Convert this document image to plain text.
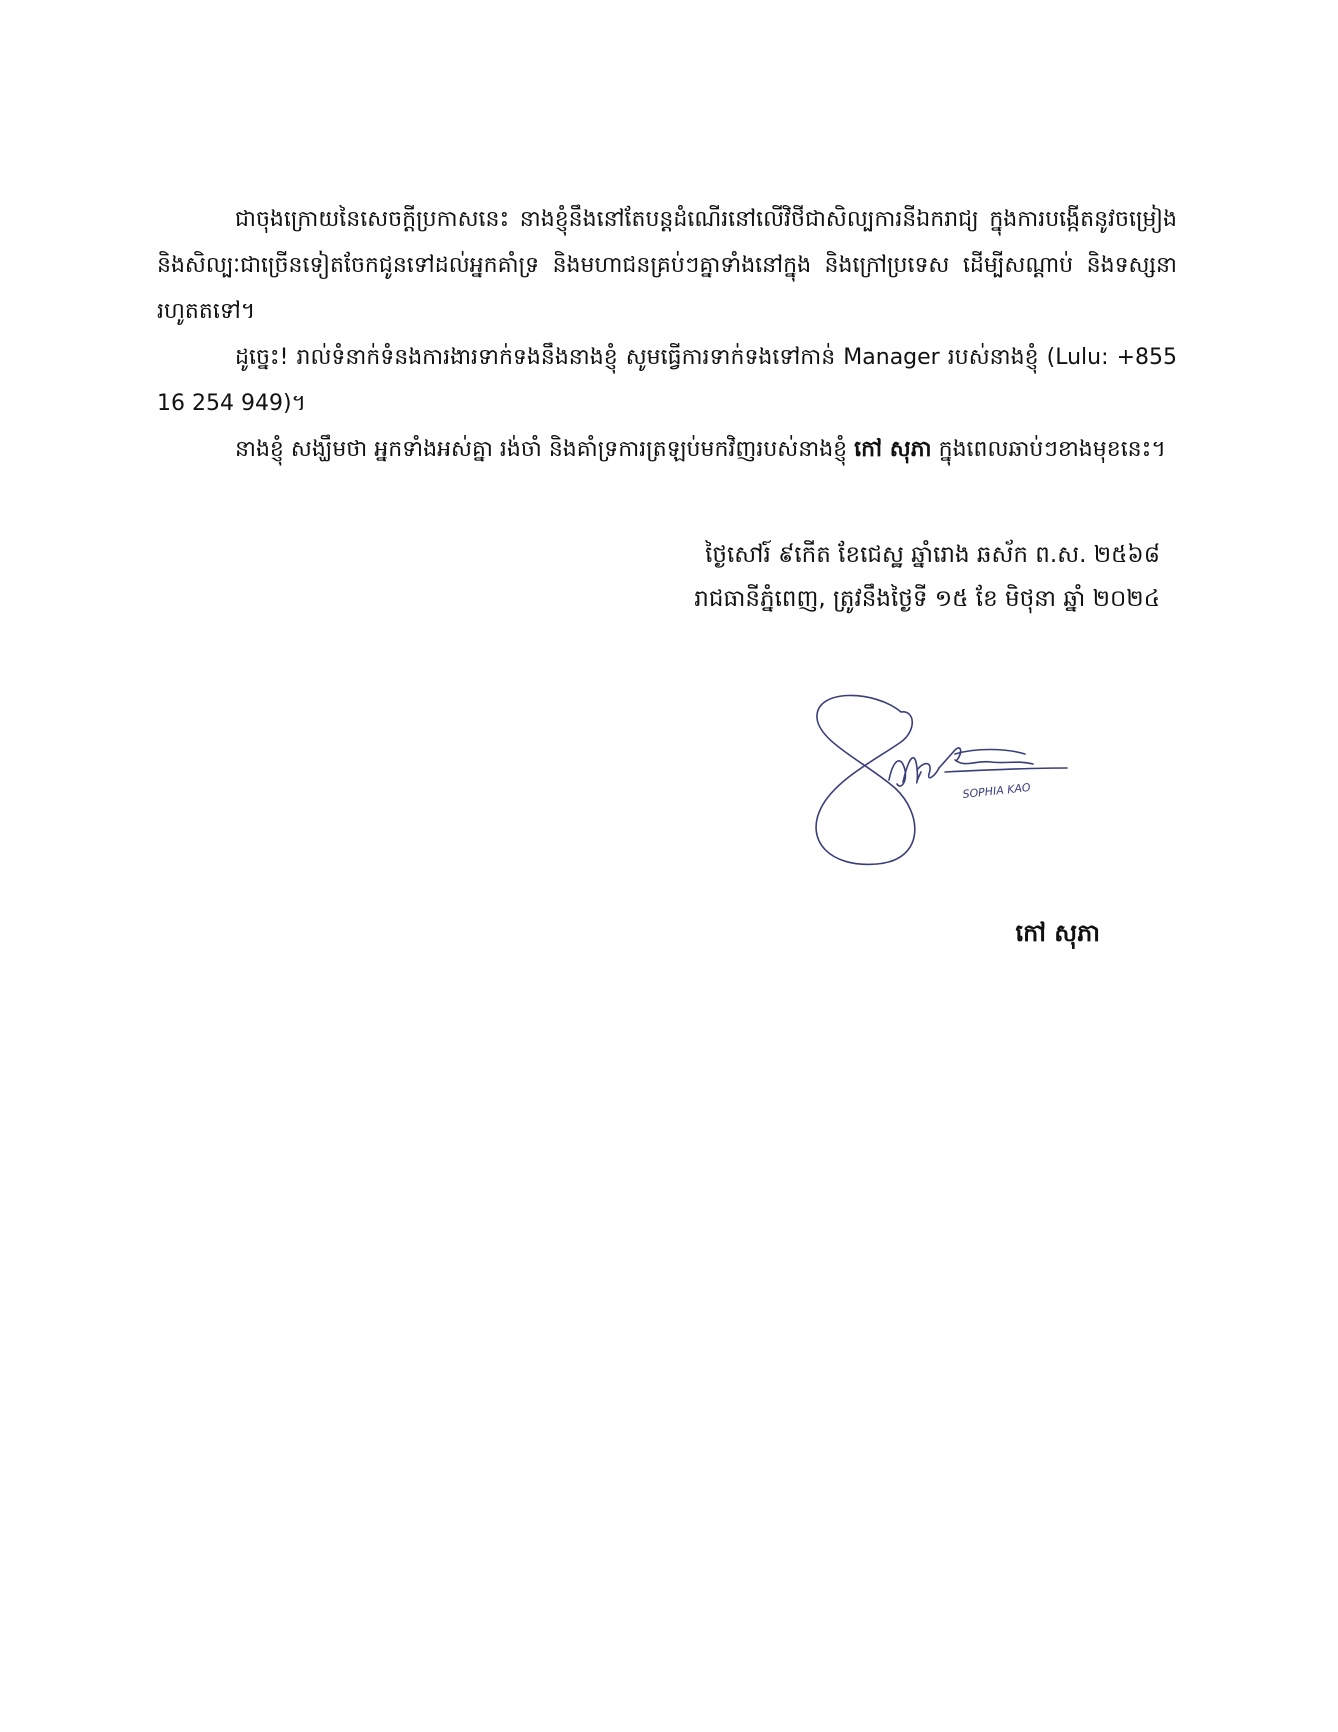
ជាចុងក្រោយនៃសេចក្តីប្រកាសនេះ នាងខ្ញុំនឹងនៅតែបន្តដំណើរនៅលើវិថីជាសិល្បការនីឯករាជ្យ ក្នុងការបង្កើតនូវចម្រៀងនិងសិល្បៈជាច្រើនទៀតចែកជូនទៅដល់អ្នកគាំទ្រ និងមហាជនគ្រប់ៗគ្នាទាំងនៅក្នុង និងក្រៅប្រទេស ដើម្បីសណ្តាប់ និងទស្សនារហូតតទៅ។

ដូច្នេះ! រាល់ទំនាក់ទំនងការងារទាក់ទងនឹងនាងខ្ញុំ សូមធ្វើការទាក់ទងទៅកាន់ Manager របស់នាងខ្ញុំ (Lulu: +855 16 254 949)។

នាងខ្ញុំ សង្ឃឹមថា អ្នកទាំងអស់គ្នា រង់ចាំ និងគាំទ្រការត្រឡប់មកវិញរបស់នាងខ្ញុំ កៅ សុភា ក្នុងពេលឆាប់ៗខាងមុខនេះ។

ថ្ងៃសៅរ៍ ៩កើត ខែជេស្ឋ ឆ្នាំរោង ឆស័ក ព.ស. ២៥៦៨
រាជធានីភ្នំពេញ, ត្រូវនឹងថ្ងៃទី ១៥ ខែ មិថុនា ឆ្នាំ ២០២៤
SOPHIA KAO
កៅ សុភា
